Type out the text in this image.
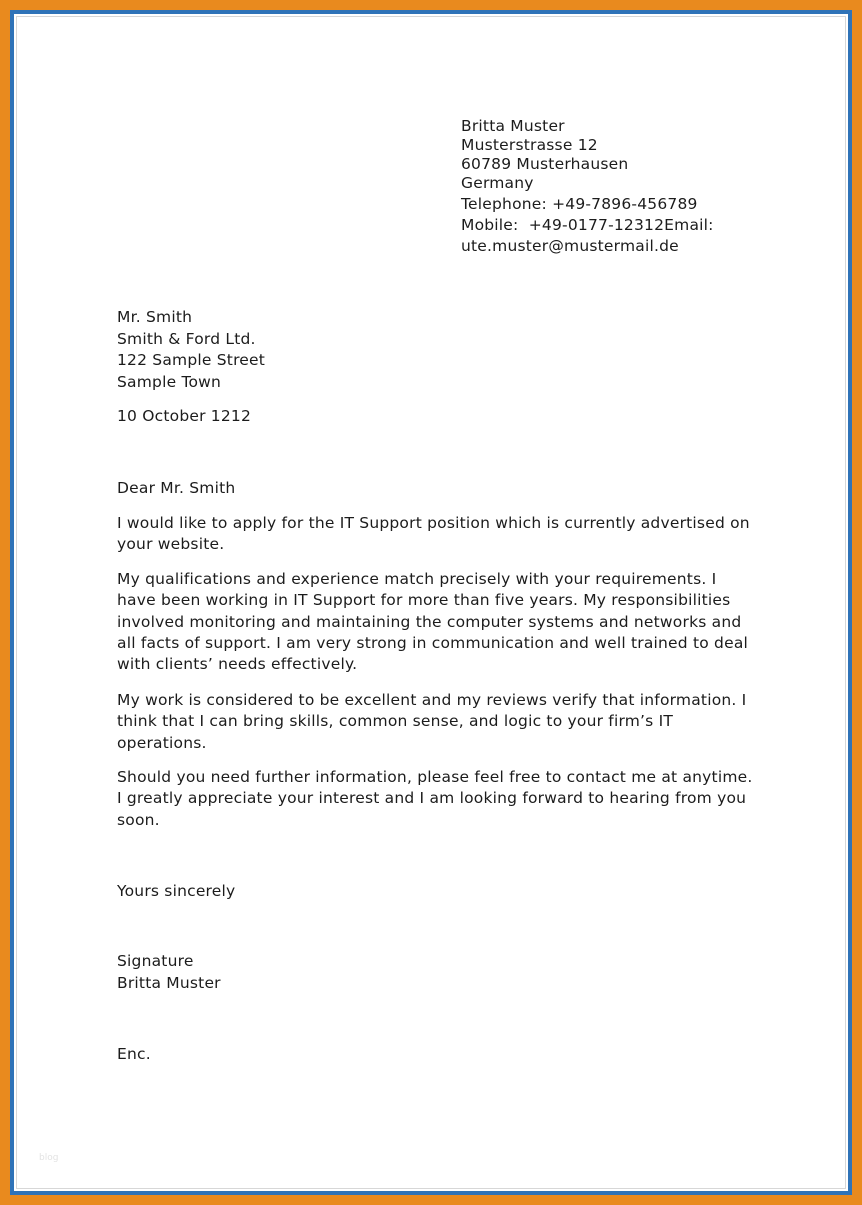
Britta Muster
Musterstrasse 12
60789 Musterhausen
Germany
Telephone: +49-7896-456789
Mobile:  +49-0177-12312Email:
ute.muster@mustermail.de
Mr. Smith
Smith & Ford Ltd.
122 Sample Street
Sample Town
10 October 1212
Dear Mr. Smith
I would like to apply for the IT Support position which is currently advertised on your website.
My qualifications and experience match precisely with your requirements. I have been working in IT Support for more than five years. My responsibilities involved monitoring and maintaining the computer systems and networks and all facts of support. I am very strong in communication and well trained to deal with clients’ needs effectively.
My work is considered to be excellent and my reviews verify that information. I think that I can bring skills, common sense, and logic to your firm’s IT operations.
Should you need further information, please feel free to contact me at anytime. I greatly appreciate your interest and I am looking forward to hearing from you soon.
Yours sincerely
Signature
Britta Muster
Enc.
blog
